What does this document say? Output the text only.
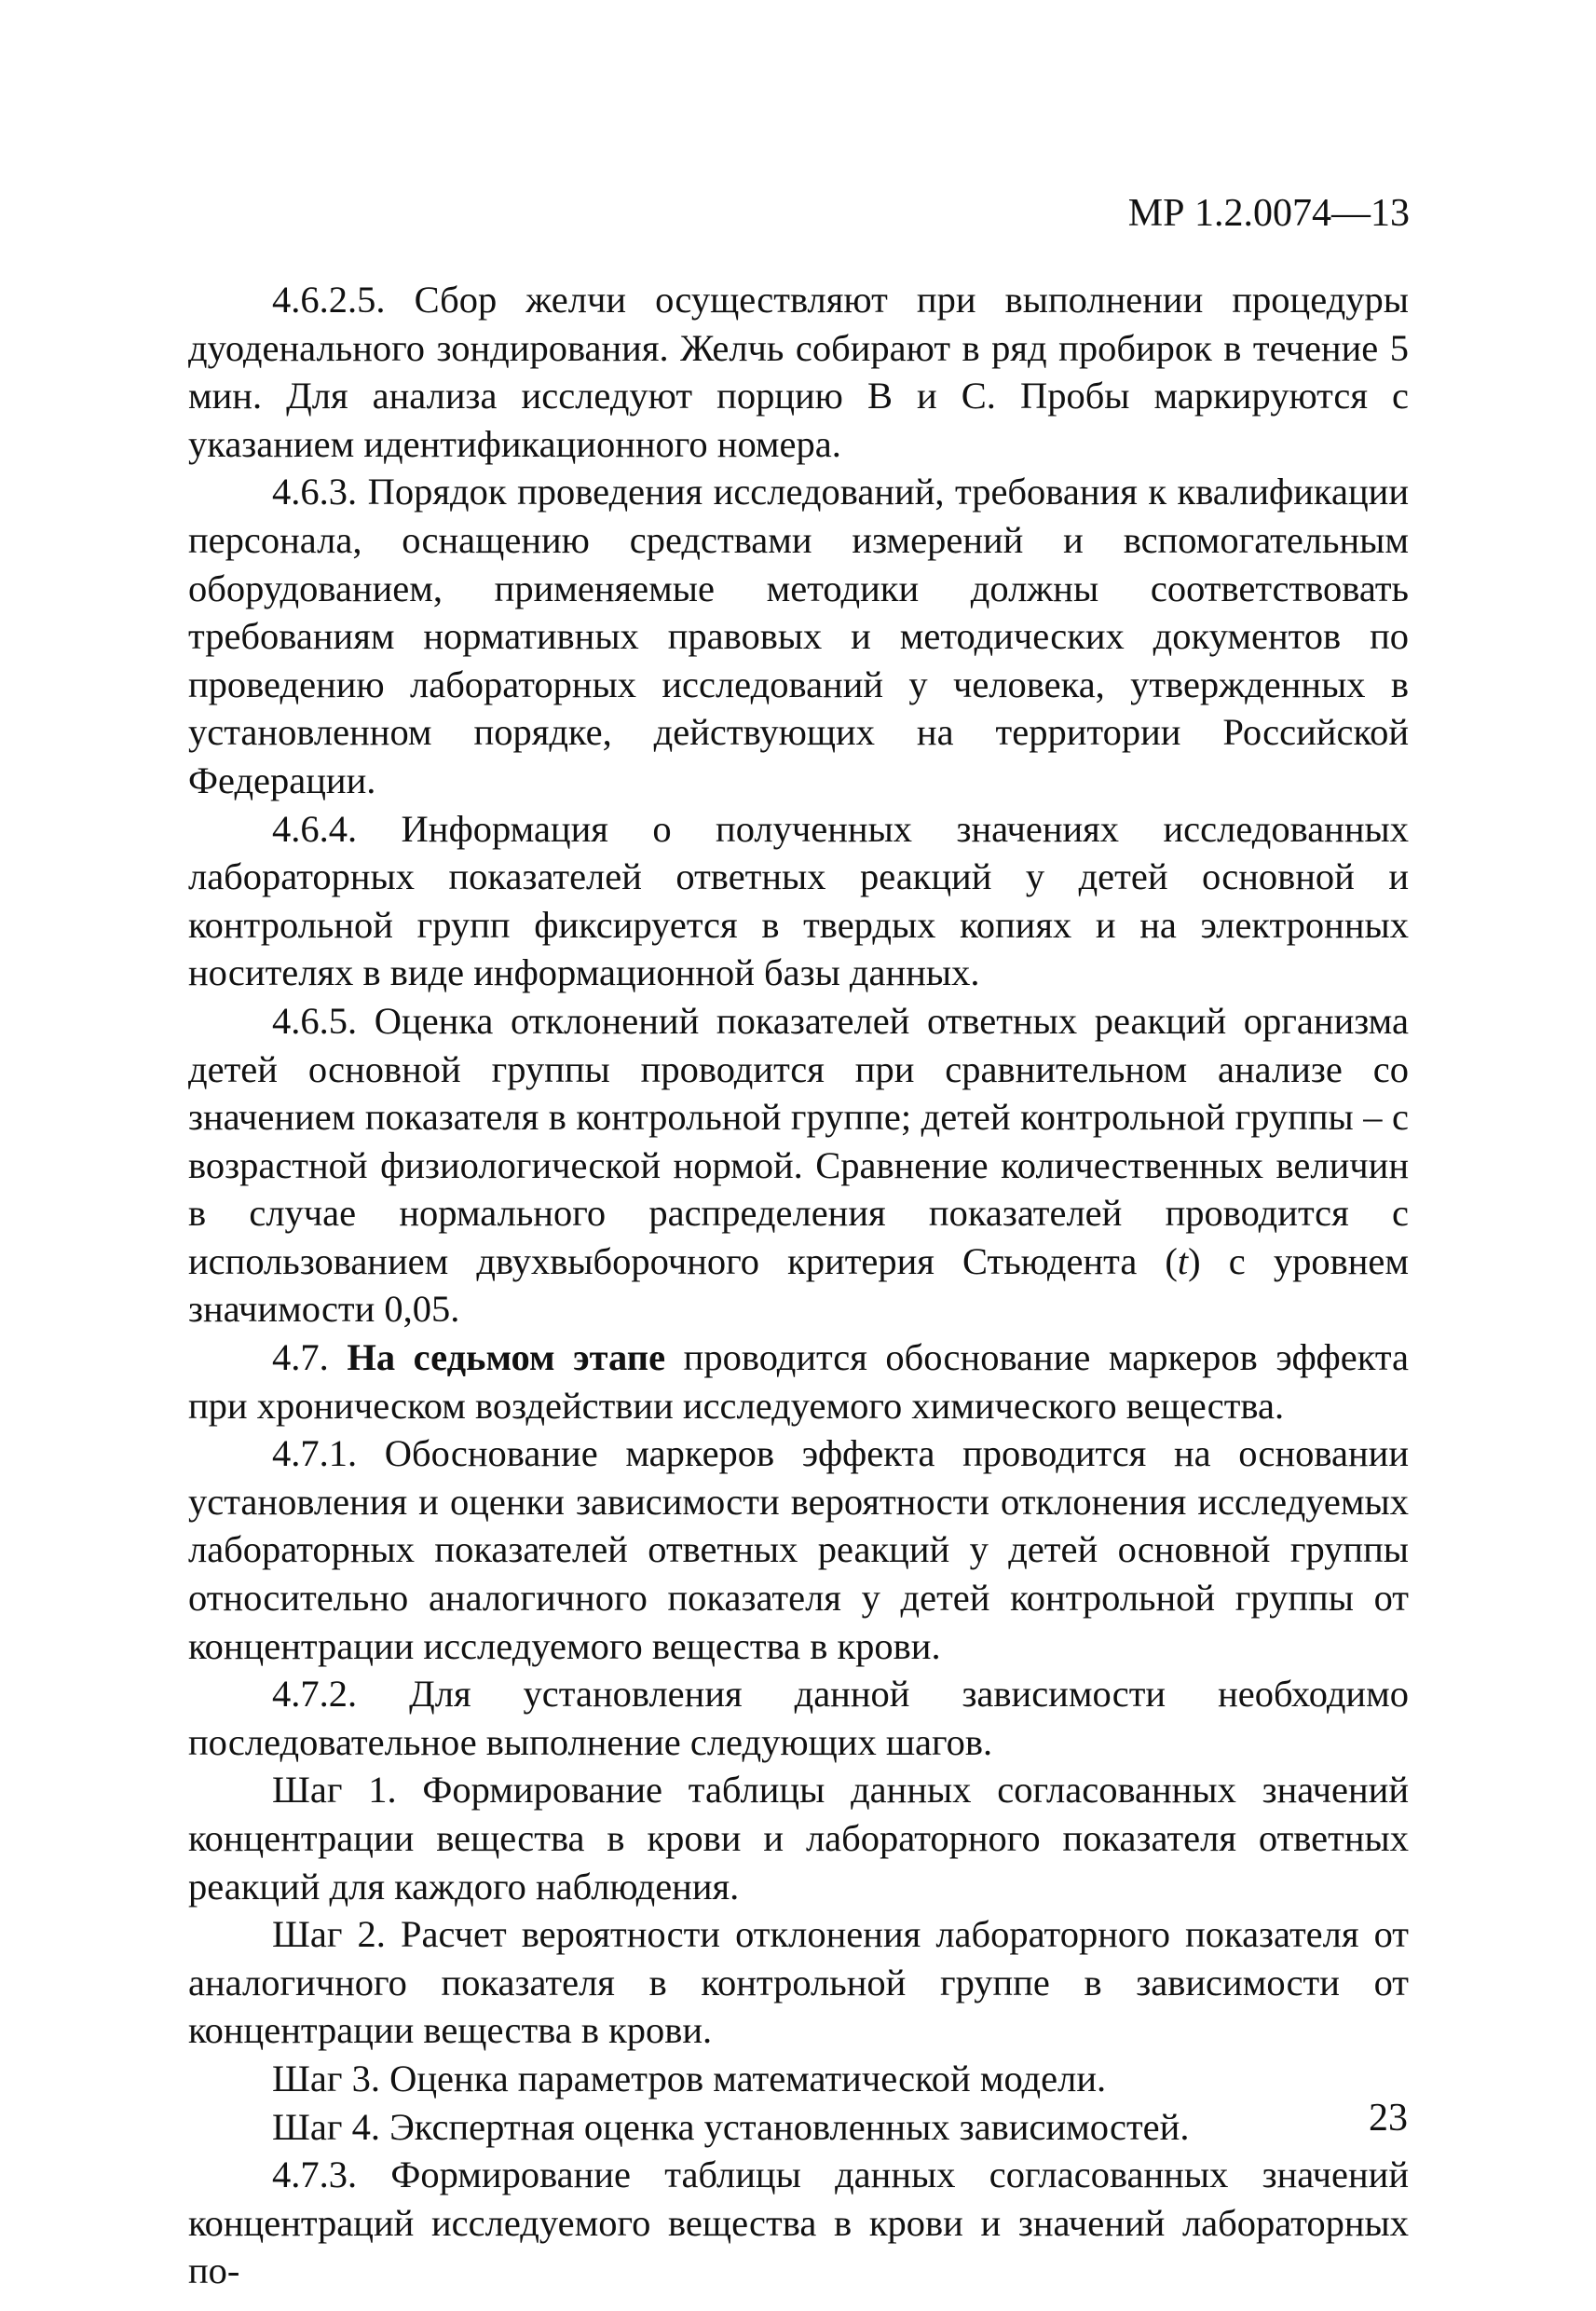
МР 1.2.0074—13

4.6.2.5. Сбор желчи осуществляют при выполнении процедуры дуоденального зондирования. Желчь собирают в ряд пробирок в течение 5 мин. Для анализа исследуют порцию В и С. Пробы маркируются с указанием идентификационного номера.

4.6.3. Порядок проведения исследований, требования к квалификации персонала, оснащению средствами измерений и вспомогательным оборудованием, применяемые методики должны соответствовать требованиям нормативных правовых и методических документов по проведению лабораторных исследований у человека, утвержденных в установленном порядке, действующих на территории Российской Федерации.

4.6.4. Информация о полученных значениях исследованных лабораторных показателей ответных реакций у детей основной и контрольной групп фиксируется в твердых копиях и на электронных носителях в виде информационной базы данных.

4.6.5. Оценка отклонений показателей ответных реакций организма детей основной группы проводится при сравнительном анализе со значением показателя в контрольной группе; детей контрольной группы – с возрастной физиологической нормой. Сравнение количественных величин в случае нормального распределения показателей проводится с использованием двухвыборочного критерия Стьюдента (t) с уровнем значимости 0,05.

4.7. На седьмом этапе проводится обоснование маркеров эффекта при хроническом воздействии исследуемого химического вещества.

4.7.1. Обоснование маркеров эффекта проводится на основании установления и оценки зависимости вероятности отклонения исследуемых лабораторных показателей ответных реакций у детей основной группы относительно аналогичного показателя у детей контрольной группы от концентрации исследуемого вещества в крови.

4.7.2. Для установления данной зависимости необходимо последовательное выполнение следующих шагов.

Шаг 1. Формирование таблицы данных согласованных значений концентрации вещества в крови и лабораторного показателя ответных реакций для каждого наблюдения.

Шаг 2. Расчет вероятности отклонения лабораторного показателя от аналогичного показателя в контрольной группе в зависимости от концентрации вещества в крови.

Шаг 3. Оценка параметров математической модели.

Шаг 4. Экспертная оценка установленных зависимостей.

4.7.3. Формирование таблицы данных согласованных значений концентраций исследуемого вещества в крови и значений лабораторных по-

23
